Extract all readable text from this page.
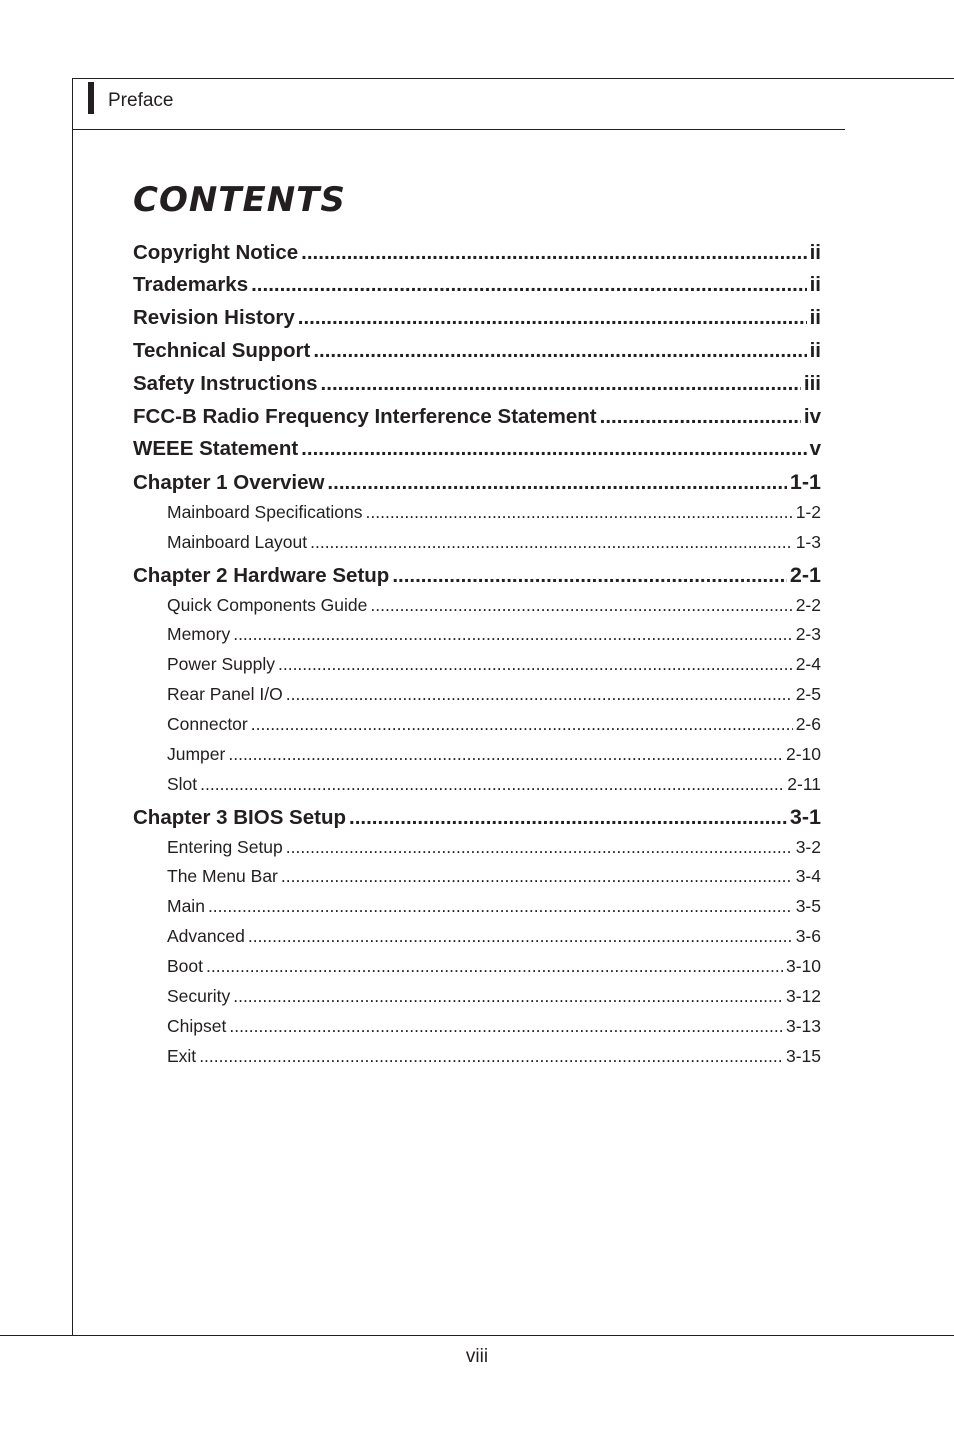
Preface
CONTENTS
Copyright Notice .....	ii
Trademarks .....	ii
Revision History .....	ii
Technical Support .....	ii
Safety Instructions .....	iii
FCC-B Radio Frequency Interference Statement .....	iv
WEEE Statement .....	v
Chapter 1 Overview .....	1-1
Mainboard Specifications .....	1-2
Mainboard Layout .....	1-3
Chapter 2 Hardware Setup .....	2-1
Quick Components Guide .....	2-2
Memory .....	2-3
Power Supply .....	2-4
Rear Panel I/O .....	2-5
Connector .....	2-6
Jumper .....	2-10
Slot .....	2-11
Chapter 3 BIOS Setup .....	3-1
Entering Setup .....	3-2
The Menu Bar .....	3-4
Main .....	3-5
Advanced .....	3-6
Boot .....	3-10
Security .....	3-12
Chipset .....	3-13
Exit .....	3-15
viii
